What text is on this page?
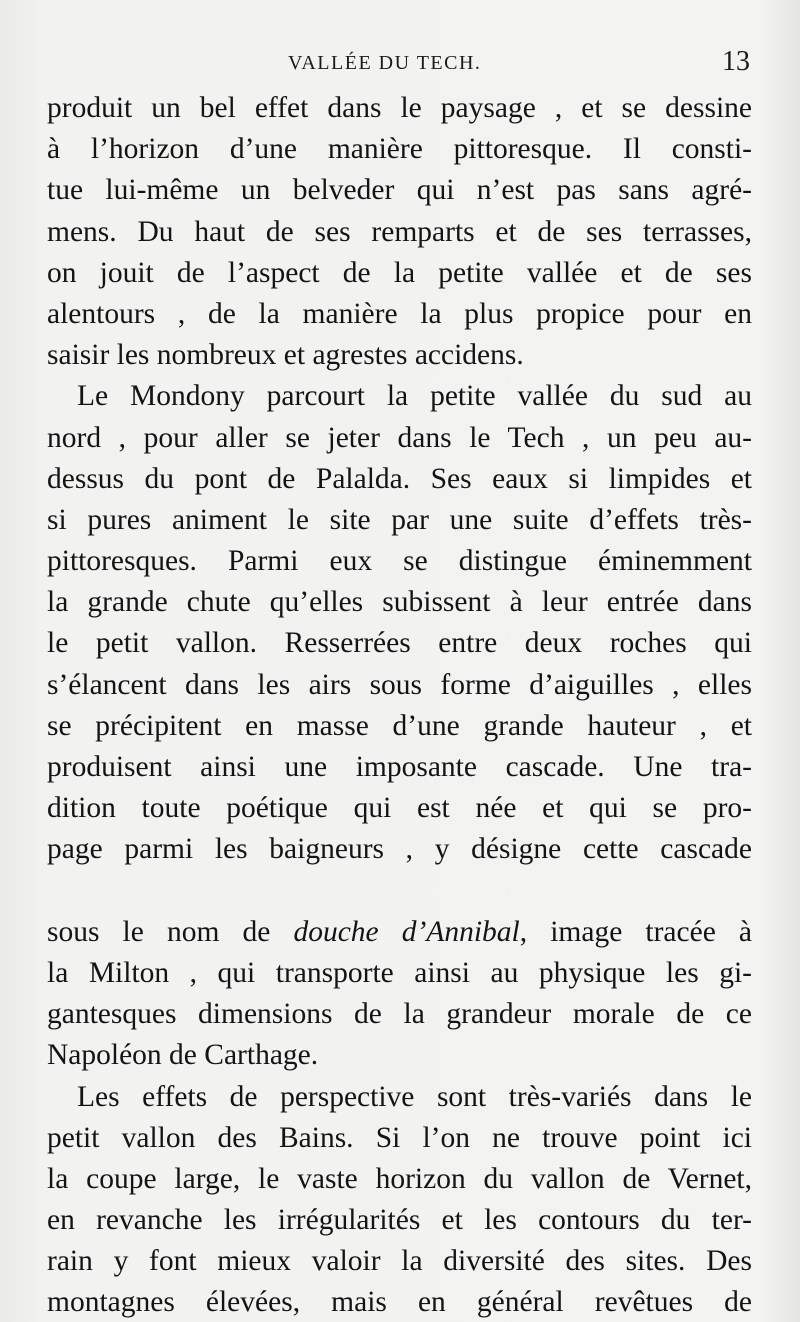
VALLÉE DU TECH.	13
produit un bel effet dans le paysage , et se dessine
à l’horizon d’une manière pittoresque. Il consti-
tue lui-même un belveder qui n’est pas sans agré-
mens. Du haut de ses remparts et de ses terrasses,
on jouit de l’aspect de la petite vallée et de ses
alentours , de la manière la plus propice pour en
saisir les nombreux et agrestes accidens.
Le Mondony parcourt la petite vallée du sud au
nord , pour aller se jeter dans le Tech , un peu au-
dessus du pont de Palalda. Ses eaux si limpides et
si pures animent le site par une suite d’effets très-
pittoresques. Parmi eux se distingue éminemment
la grande chute qu’elles subissent à leur entrée dans
le petit vallon. Resserrées entre deux roches qui
s’élancent dans les airs sous forme d’aiguilles , elles
se précipitent en masse d’une grande hauteur , et
produisent ainsi une imposante cascade. Une tra-
dition toute poétique qui est née et qui se pro-
page parmi les baigneurs , y désigne cette cascade
sous le nom de douche d’Annibal, image tracée à
la Milton , qui transporte ainsi au physique les gi-
gantesques dimensions de la grandeur morale de ce
Napoléon de Carthage.
Les effets de perspective sont très-variés dans le
petit vallon des Bains. Si l’on ne trouve point ici
la coupe large, le vaste horizon du vallon de Vernet,
en revanche les irrégularités et les contours du ter-
rain y font mieux valoir la diversité des sites. Des
montagnes élevées, mais en général revêtues de
